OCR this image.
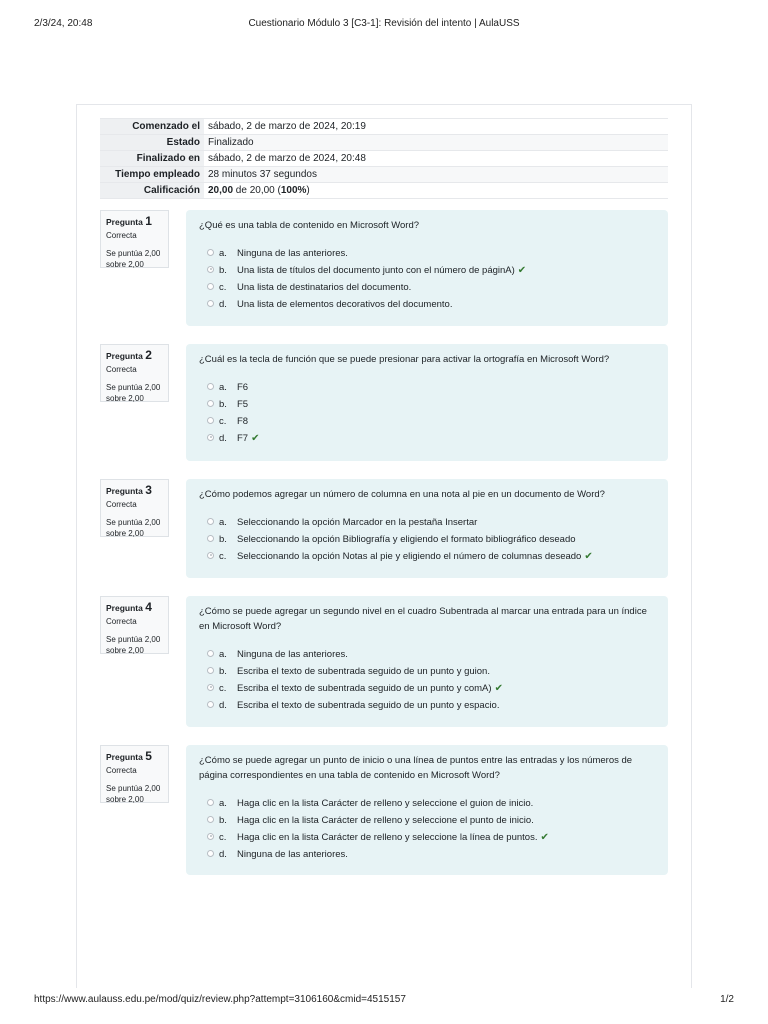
2/3/24, 20:48	Cuestionario Módulo 3 [C3-1]: Revisión del intento | AulaUSS
Comenzado el	sábado, 2 de marzo de 2024, 20:19
Estado	Finalizado
Finalizado en	sábado, 2 de marzo de 2024, 20:48
Tiempo empleado	28 minutos 37 segundos
Calificación	20,00 de 20,00 (100%)
Pregunta 1
Correcta
Se puntúa 2,00 sobre 2,00
¿Qué es una tabla de contenido en Microsoft Word?
a. Ninguna de las anteriores.
b. Una lista de títulos del documento junto con el número de páginA) ✔
c. Una lista de destinatarios del documento.
d. Una lista de elementos decorativos del documento.
Pregunta 2
Correcta
Se puntúa 2,00 sobre 2,00
¿Cuál es la tecla de función que se puede presionar para activar la ortografía en Microsoft Word?
a. F6
b. F5
c. F8
d. F7 ✔
Pregunta 3
Correcta
Se puntúa 2,00 sobre 2,00
¿Cómo podemos agregar un número de columna en una nota al pie en un documento de Word?
a. Seleccionando la opción Marcador en la pestaña Insertar
b. Seleccionando la opción Bibliografía y eligiendo el formato bibliográfico deseado
c. Seleccionando la opción Notas al pie y eligiendo el número de columnas deseado ✔
Pregunta 4
Correcta
Se puntúa 2,00 sobre 2,00
¿Cómo se puede agregar un segundo nivel en el cuadro Subentrada al marcar una entrada para un índice en Microsoft Word?
a. Ninguna de las anteriores.
b. Escriba el texto de subentrada seguido de un punto y guion.
c. Escriba el texto de subentrada seguido de un punto y comA) ✔
d. Escriba el texto de subentrada seguido de un punto y espacio.
Pregunta 5
Correcta
Se puntúa 2,00 sobre 2,00
¿Cómo se puede agregar un punto de inicio o una línea de puntos entre las entradas y los números de página correspondientes en una tabla de contenido en Microsoft Word?
a. Haga clic en la lista Carácter de relleno y seleccione el guion de inicio.
b. Haga clic en la lista Carácter de relleno y seleccione el punto de inicio.
c. Haga clic en la lista Carácter de relleno y seleccione la línea de puntos. ✔
d. Ninguna de las anteriores.
https://www.aulauss.edu.pe/mod/quiz/review.php?attempt=3106160&cmid=4515157	1/2
